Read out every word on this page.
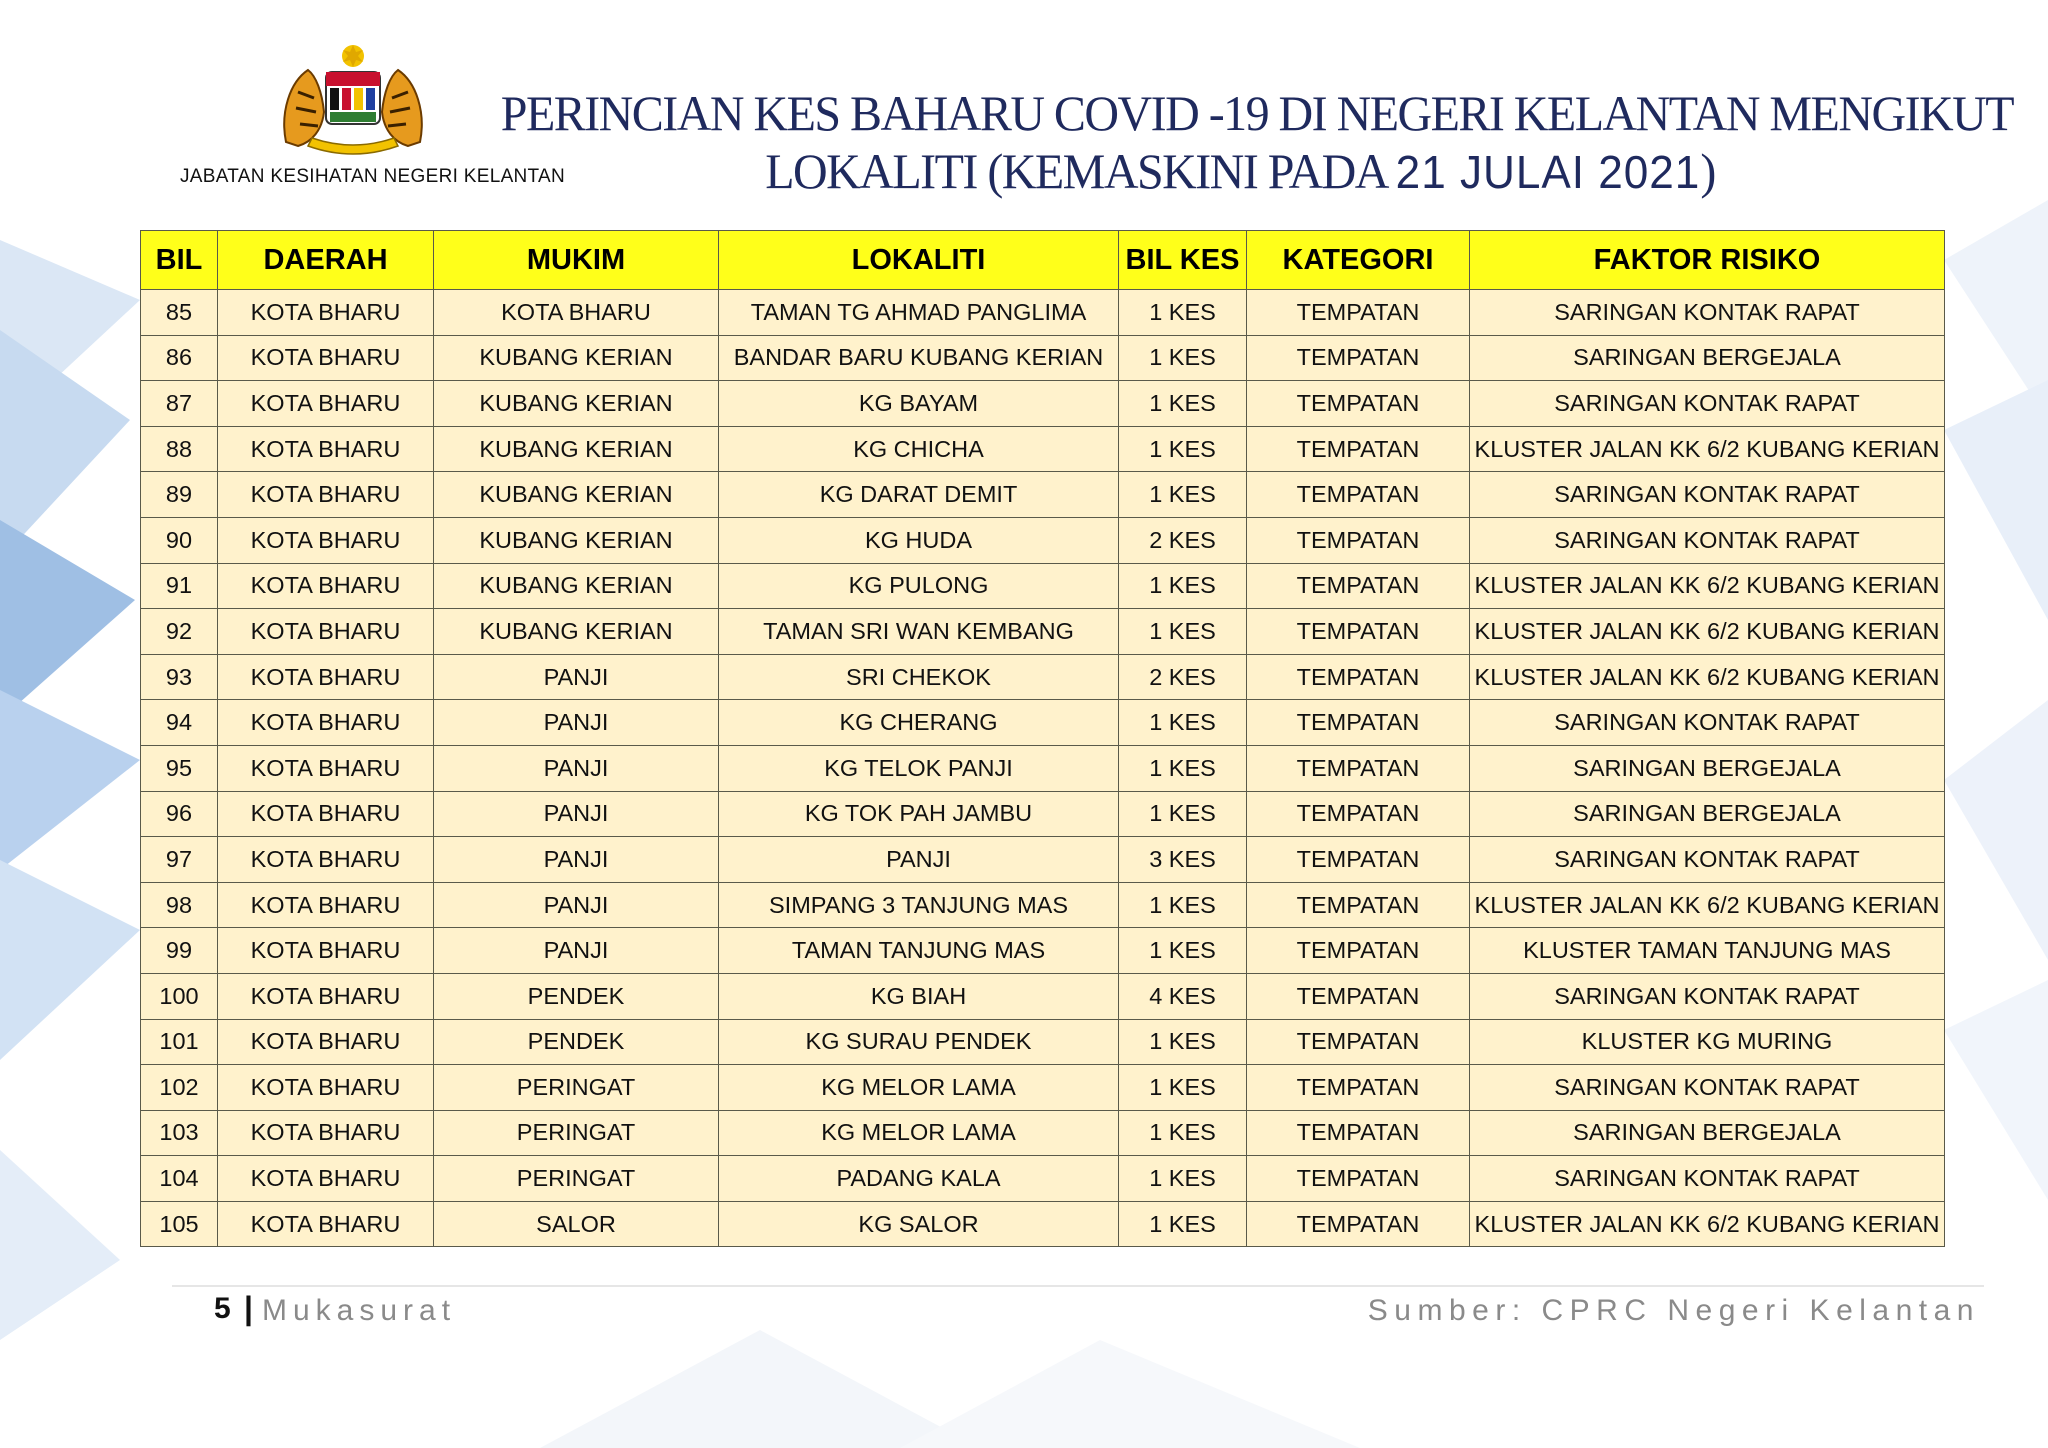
JABATAN KESIHATAN NEGERI KELANTAN
PERINCIAN KES BAHARU COVID -19 DI NEGERI KELANTAN MENGIKUT
LOKALITI (KEMASKINI PADA 21 JULAI 2021)
BIL	DAERAH	MUKIM	LOKALITI	BIL KES	KATEGORI	FAKTOR RISIKO
85	KOTA BHARU	KOTA BHARU	TAMAN TG AHMAD PANGLIMA	1 KES	TEMPATAN	SARINGAN KONTAK RAPAT
86	KOTA BHARU	KUBANG KERIAN	BANDAR BARU KUBANG KERIAN	1 KES	TEMPATAN	SARINGAN BERGEJALA
87	KOTA BHARU	KUBANG KERIAN	KG BAYAM	1 KES	TEMPATAN	SARINGAN KONTAK RAPAT
88	KOTA BHARU	KUBANG KERIAN	KG CHICHA	1 KES	TEMPATAN	KLUSTER JALAN KK 6/2 KUBANG KERIAN
89	KOTA BHARU	KUBANG KERIAN	KG DARAT DEMIT	1 KES	TEMPATAN	SARINGAN KONTAK RAPAT
90	KOTA BHARU	KUBANG KERIAN	KG HUDA	2 KES	TEMPATAN	SARINGAN KONTAK RAPAT
91	KOTA BHARU	KUBANG KERIAN	KG PULONG	1 KES	TEMPATAN	KLUSTER JALAN KK 6/2 KUBANG KERIAN
92	KOTA BHARU	KUBANG KERIAN	TAMAN SRI WAN KEMBANG	1 KES	TEMPATAN	KLUSTER JALAN KK 6/2 KUBANG KERIAN
93	KOTA BHARU	PANJI	SRI CHEKOK	2 KES	TEMPATAN	KLUSTER JALAN KK 6/2 KUBANG KERIAN
94	KOTA BHARU	PANJI	KG CHERANG	1 KES	TEMPATAN	SARINGAN KONTAK RAPAT
95	KOTA BHARU	PANJI	KG TELOK PANJI	1 KES	TEMPATAN	SARINGAN BERGEJALA
96	KOTA BHARU	PANJI	KG TOK PAH JAMBU	1 KES	TEMPATAN	SARINGAN BERGEJALA
97	KOTA BHARU	PANJI	PANJI	3 KES	TEMPATAN	SARINGAN KONTAK RAPAT
98	KOTA BHARU	PANJI	SIMPANG 3 TANJUNG MAS	1 KES	TEMPATAN	KLUSTER JALAN KK 6/2 KUBANG KERIAN
99	KOTA BHARU	PANJI	TAMAN TANJUNG MAS	1 KES	TEMPATAN	KLUSTER TAMAN TANJUNG MAS
100	KOTA BHARU	PENDEK	KG BIAH	4 KES	TEMPATAN	SARINGAN KONTAK RAPAT
101	KOTA BHARU	PENDEK	KG SURAU PENDEK	1 KES	TEMPATAN	KLUSTER KG MURING
102	KOTA BHARU	PERINGAT	KG MELOR LAMA	1 KES	TEMPATAN	SARINGAN KONTAK RAPAT
103	KOTA BHARU	PERINGAT	KG MELOR LAMA	1 KES	TEMPATAN	SARINGAN BERGEJALA
104	KOTA BHARU	PERINGAT	PADANG KALA	1 KES	TEMPATAN	SARINGAN KONTAK RAPAT
105	KOTA BHARU	SALOR	KG SALOR	1 KES	TEMPATAN	KLUSTER JALAN KK 6/2 KUBANG KERIAN
5 | Mukasurat	Sumber: CPRC Negeri Kelantan
